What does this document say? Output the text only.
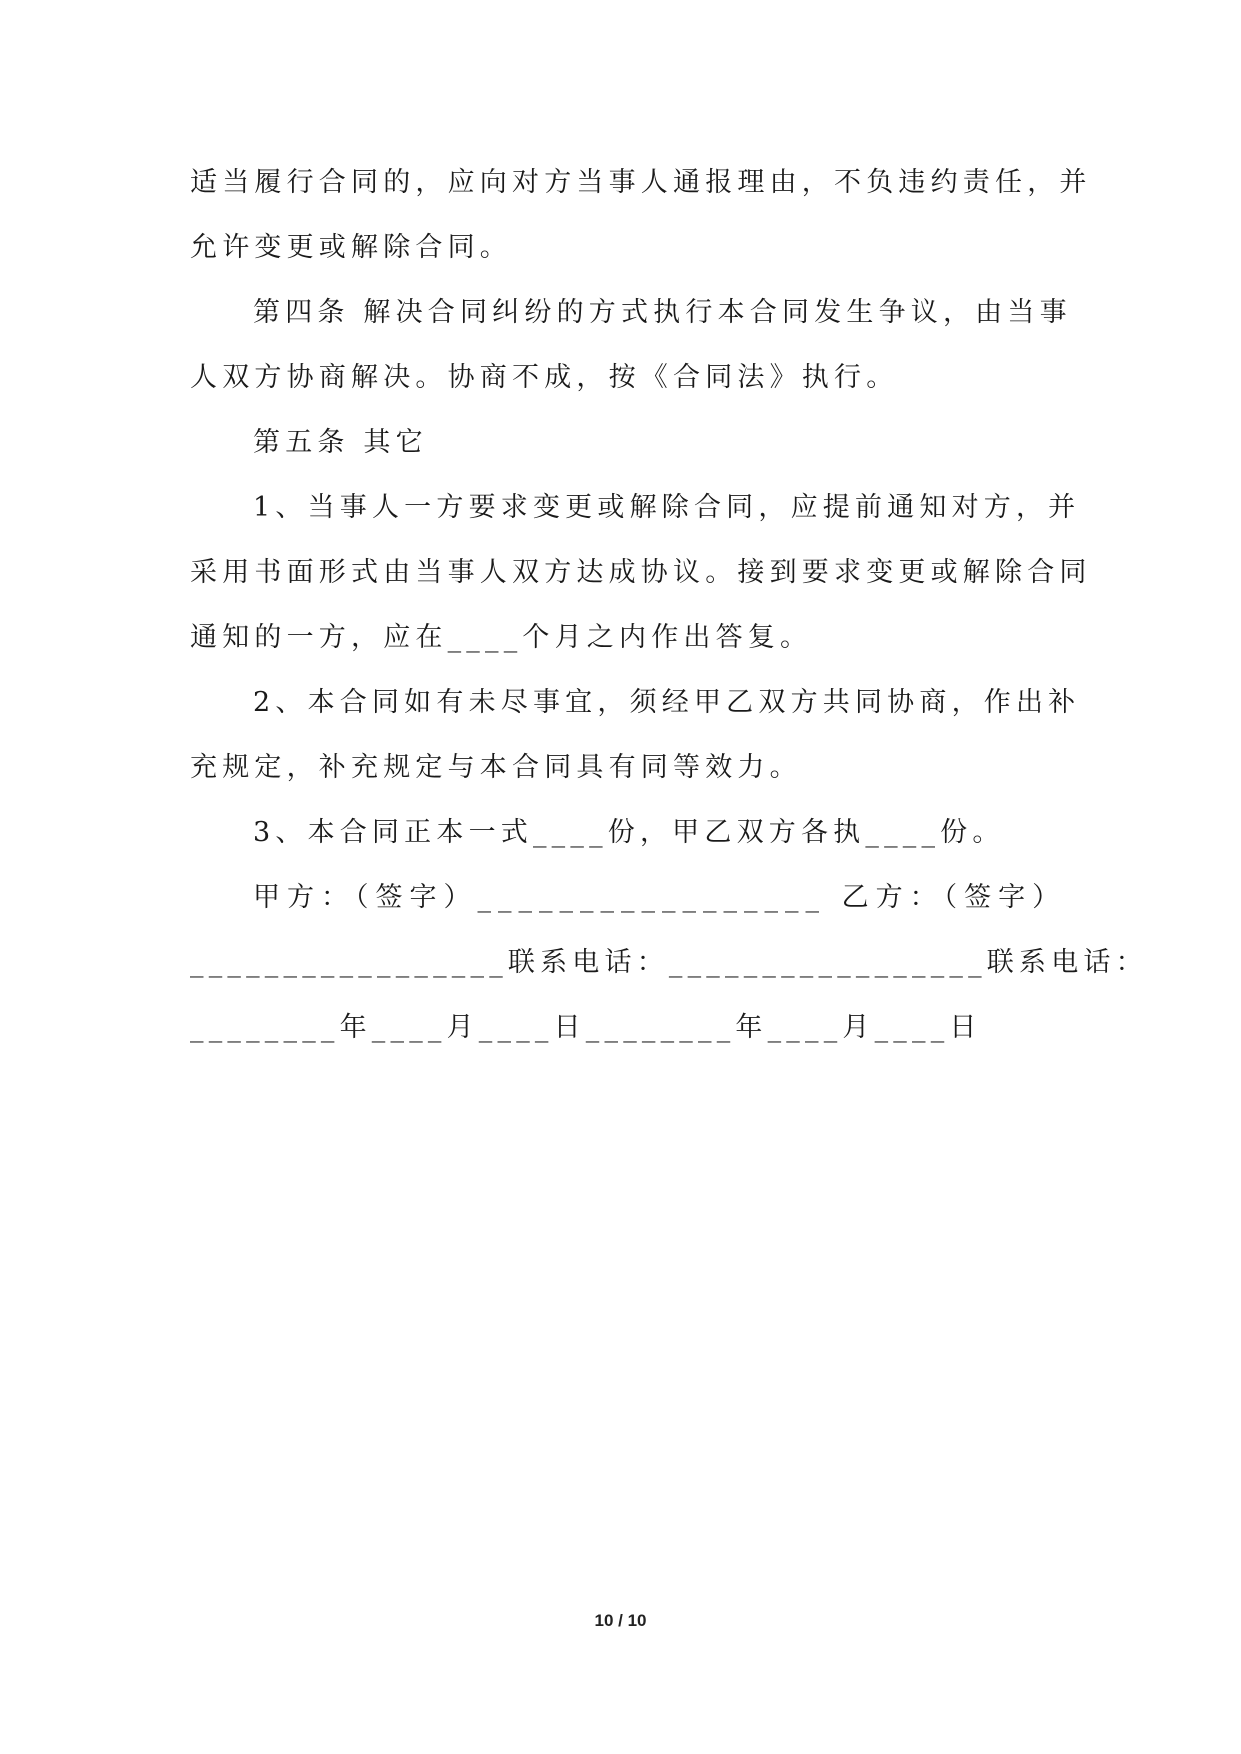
适当履行合同的，应向对方当事人通报理由，不负违约责任，并
允许变更或解除合同。
第四条 解决合同纠纷的方式执行本合同发生争议，由当事
人双方协商解决。协商不成，按《合同法》执行。
第五条 其它
1、当事人一方要求变更或解除合同，应提前通知对方，并
采用书面形式由当事人双方达成协议。接到要求变更或解除合同
通知的一方，应在____个月之内作出答复。
2、本合同如有未尽事宜，须经甲乙双方共同协商，作出补
充规定，补充规定与本合同具有同等效力。
3、本合同正本一式____份，甲乙双方各执____份。
甲方：（签字）_________________ 乙方：（签字）
_________________联系电话：_________________联系电话：
________年____月____日________年____月____日
10 / 10
